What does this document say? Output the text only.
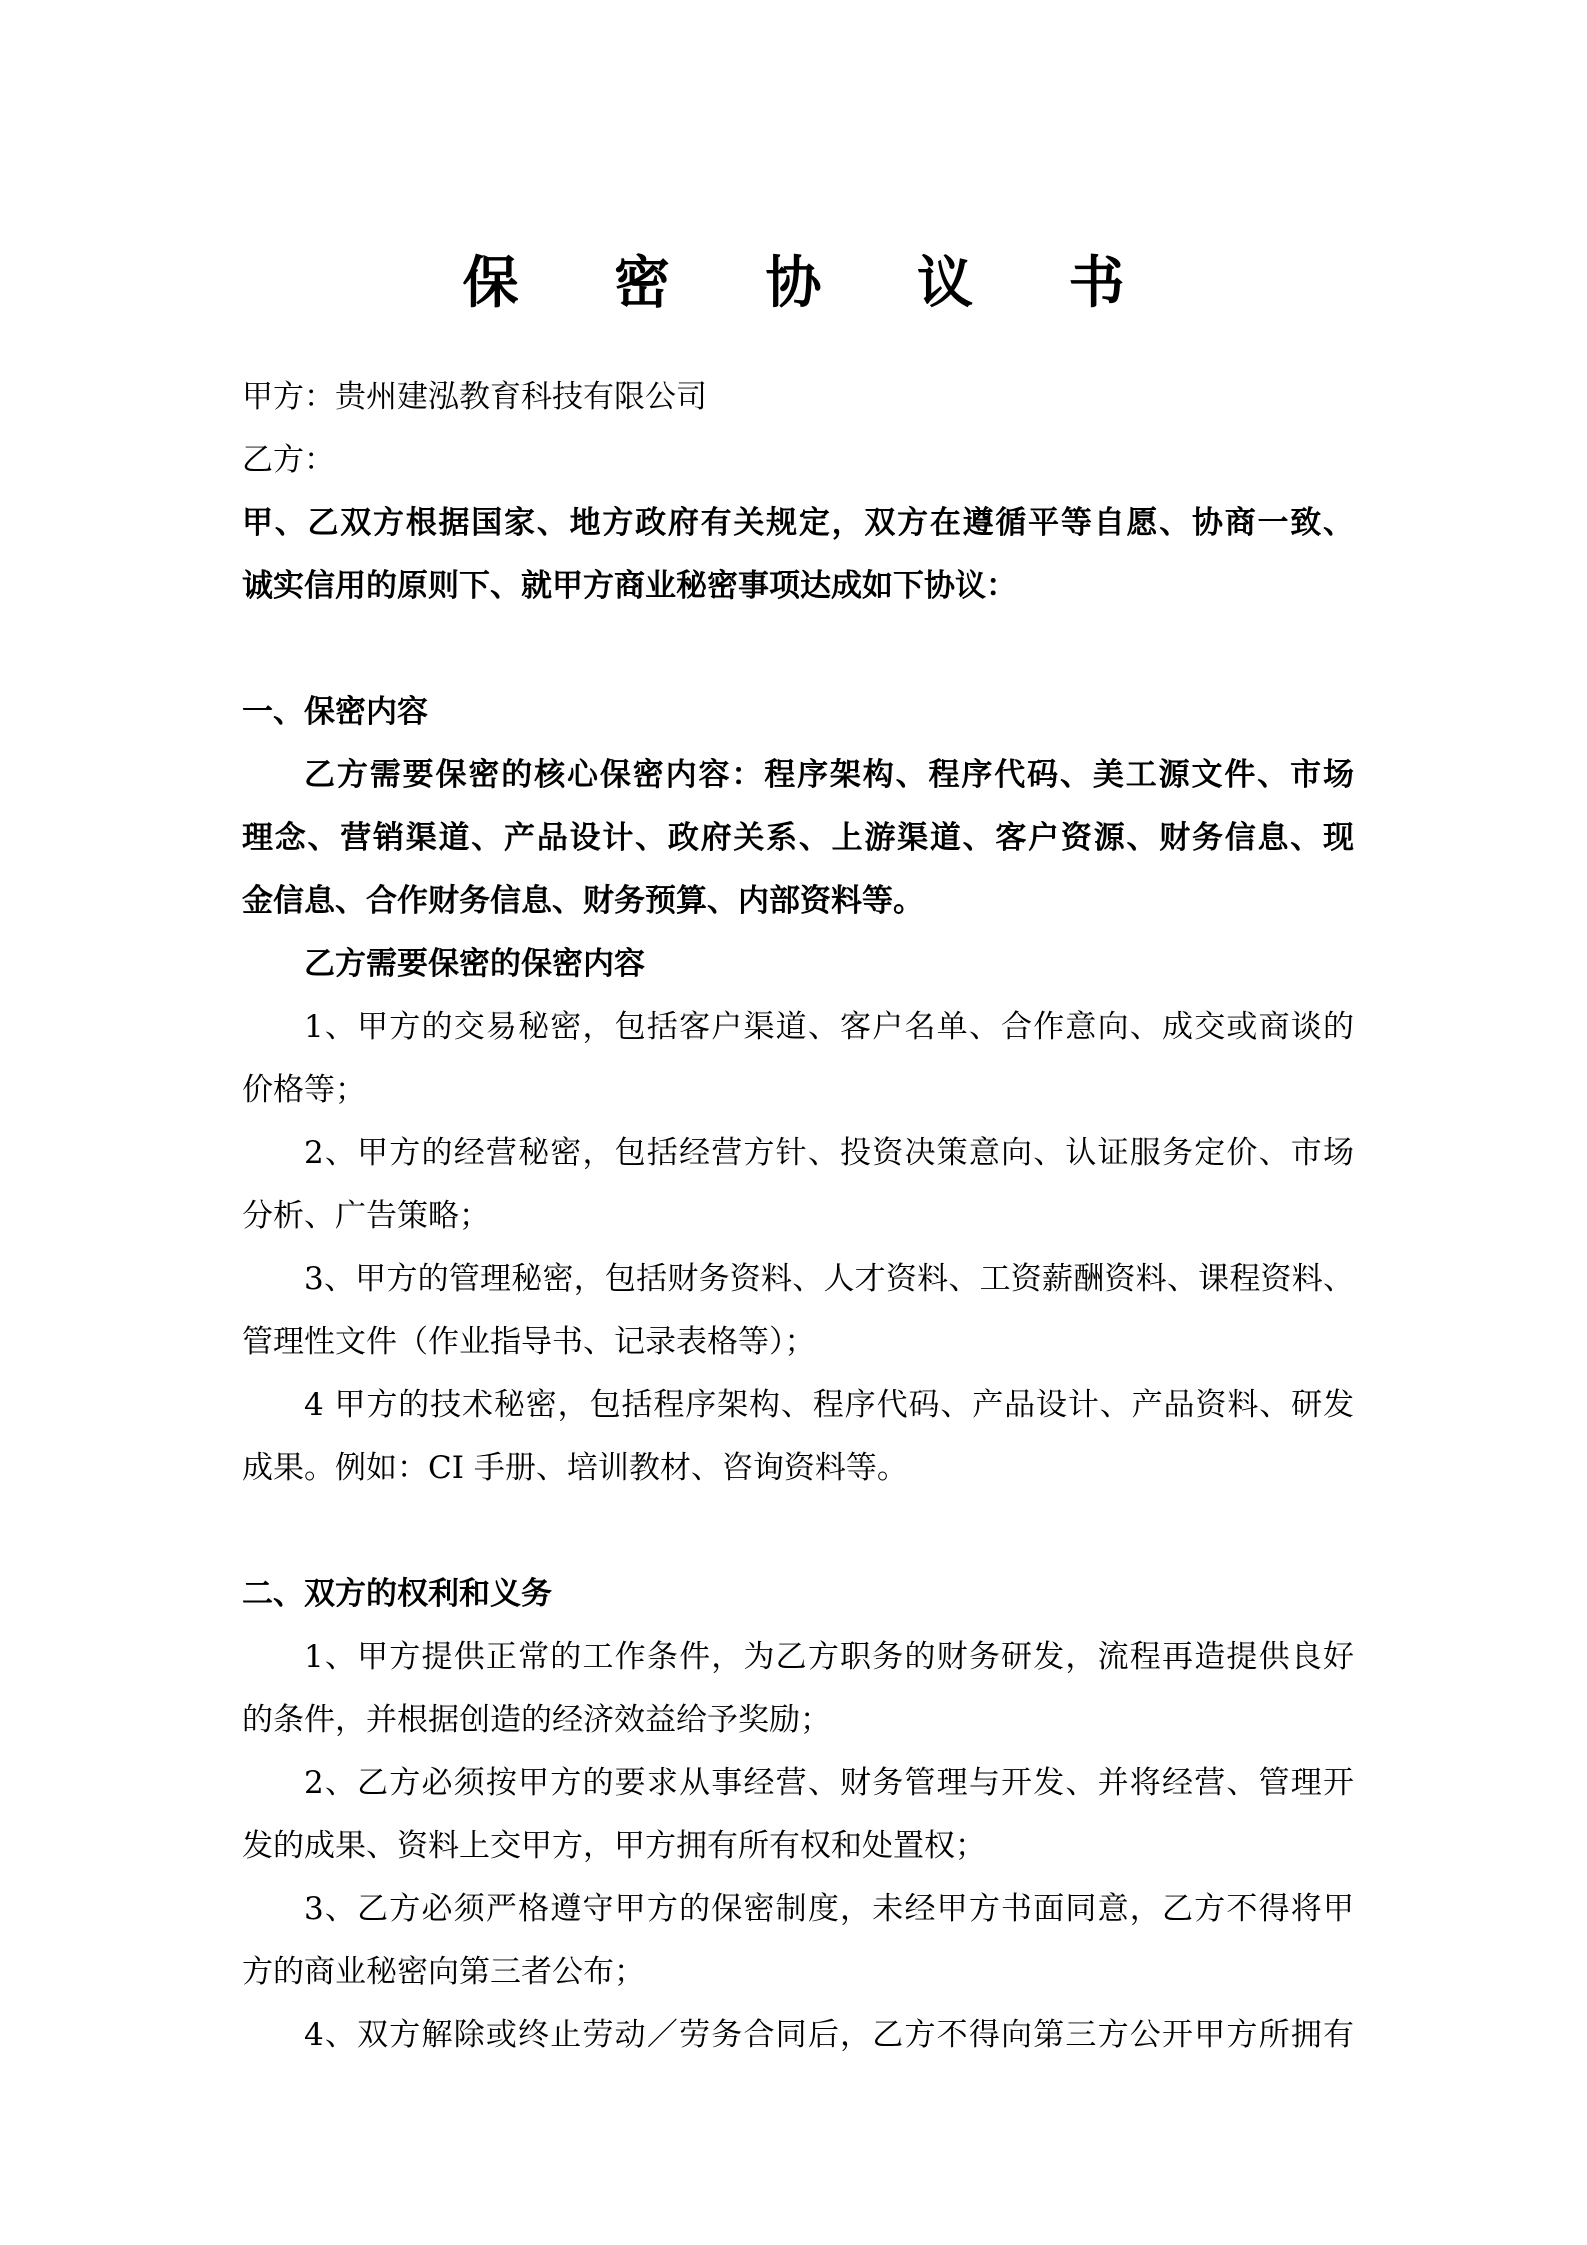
保 密 协 议 书

甲方：贵州建泓教育科技有限公司

乙方：

甲、乙双方根据国家、地方政府有关规定，双方在遵循平等自愿、协商一致、

诚实信用的原则下、就甲方商业秘密事项达成如下协议：

一、保密内容

乙方需要保密的核心保密内容：程序架构、程序代码、美工源文件、市场

理念、营销渠道、产品设计、政府关系、上游渠道、客户资源、财务信息、现

金信息、合作财务信息、财务预算、内部资料等。

乙方需要保密的保密内容

1、甲方的交易秘密，包括客户渠道、客户名单、合作意向、成交或商谈的

价格等；

2、甲方的经营秘密，包括经营方针、投资决策意向、认证服务定价、市场

分析、广告策略；

3、甲方的管理秘密，包括财务资料、人才资料、工资薪酬资料、课程资料、

管理性文件（作业指导书、记录表格等）；

4 甲方的技术秘密，包括程序架构、程序代码、产品设计、产品资料、研发

成果。例如：CI 手册、培训教材、咨询资料等。

二、双方的权利和义务

1、甲方提供正常的工作条件，为乙方职务的财务研发，流程再造提供良好

的条件，并根据创造的经济效益给予奖励；

2、乙方必须按甲方的要求从事经营、财务管理与开发、并将经营、管理开

发的成果、资料上交甲方，甲方拥有所有权和处置权；

3、乙方必须严格遵守甲方的保密制度，未经甲方书面同意，乙方不得将甲

方的商业秘密向第三者公布；

4、双方解除或终止劳动／劳务合同后，乙方不得向第三方公开甲方所拥有
